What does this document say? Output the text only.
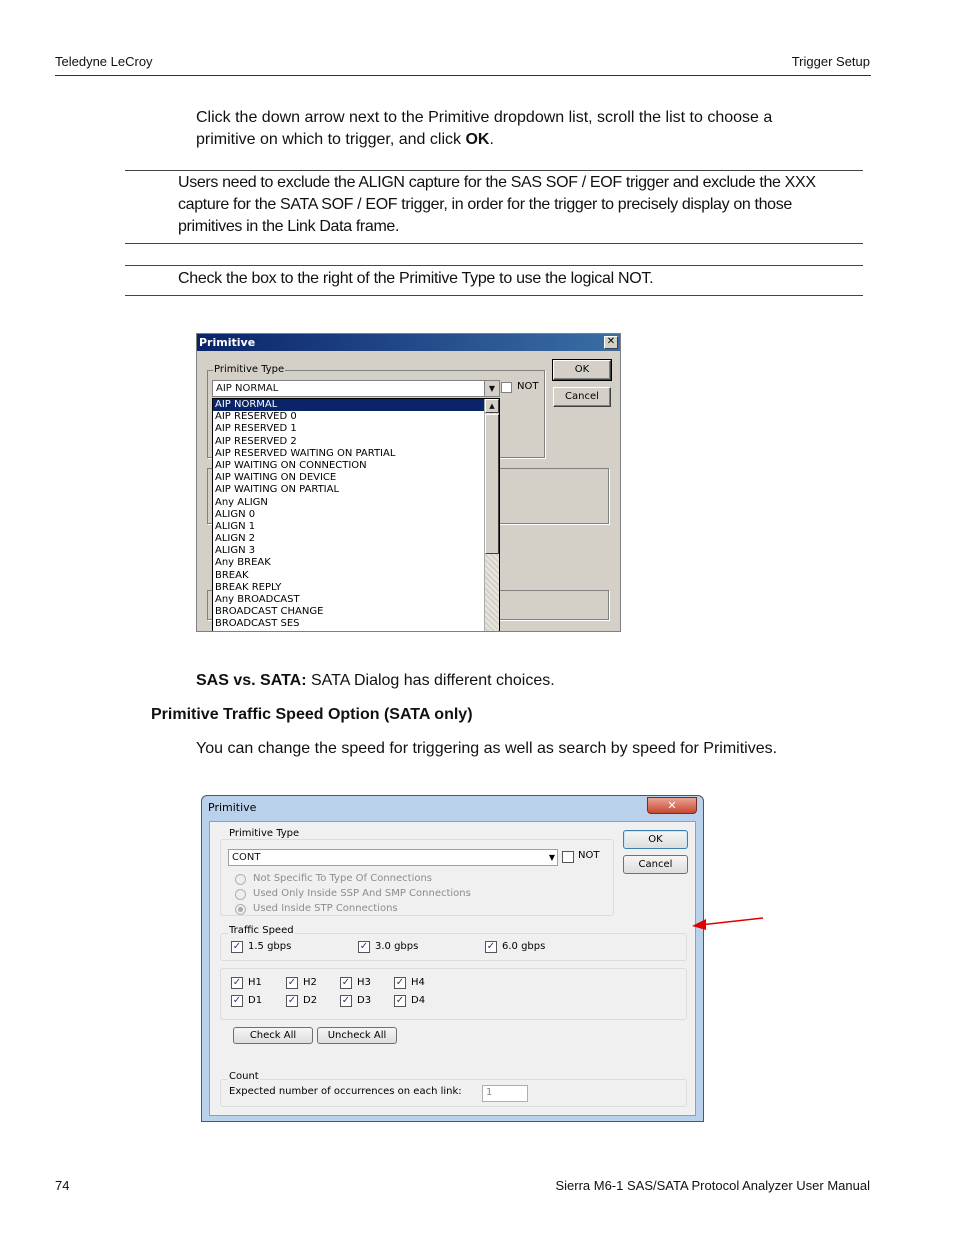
Teledyne LeCroy	Trigger Setup
Click the down arrow next to the Primitive dropdown list, scroll the list to choose a primitive on which to trigger, and click OK.
Users need to exclude the ALIGN capture for the SAS SOF / EOF trigger and exclude the XXX capture for the SATA SOF / EOF trigger, in order for the trigger to precisely display on those primitives in the Link Data frame.
Check the box to the right of the Primitive Type to use the logical NOT.
Primitive	✕
Primitive Type
AIP NORMAL	▼	NOT
OK
Cancel
AIP NORMAL
AIP RESERVED 0
AIP RESERVED 1
AIP RESERVED 2
AIP RESERVED WAITING ON PARTIAL
AIP WAITING ON CONNECTION
AIP WAITING ON DEVICE
AIP WAITING ON PARTIAL
Any ALIGN
ALIGN 0
ALIGN 1
ALIGN 2
ALIGN 3
Any BREAK
BREAK
BREAK REPLY
Any BROADCAST
BROADCAST CHANGE
BROADCAST SES
▲
SAS vs. SATA: SATA Dialog has different choices.
Primitive Traffic Speed Option (SATA only)
You can change the speed for triggering as well as search by speed for Primitives.
Primitive	✕
Primitive Type
CONT	▼ NOT
Not Specific To Type Of Connections
Used Only Inside SSP And SMP Connections
Used Inside STP Connections
OK
Cancel
Traffic Speed
✓ 1.5 gbps	✓ 3.0 gbps	✓ 6.0 gbps
✓ H1	✓ H2 ✓ H3 ✓ H4
✓ D1	✓ D2 ✓ D3 ✓ D4
Check All	Uncheck All
Count
Expected number of occurrences on each link:	1
74	Sierra M6-1 SAS/SATA Protocol Analyzer User Manual
